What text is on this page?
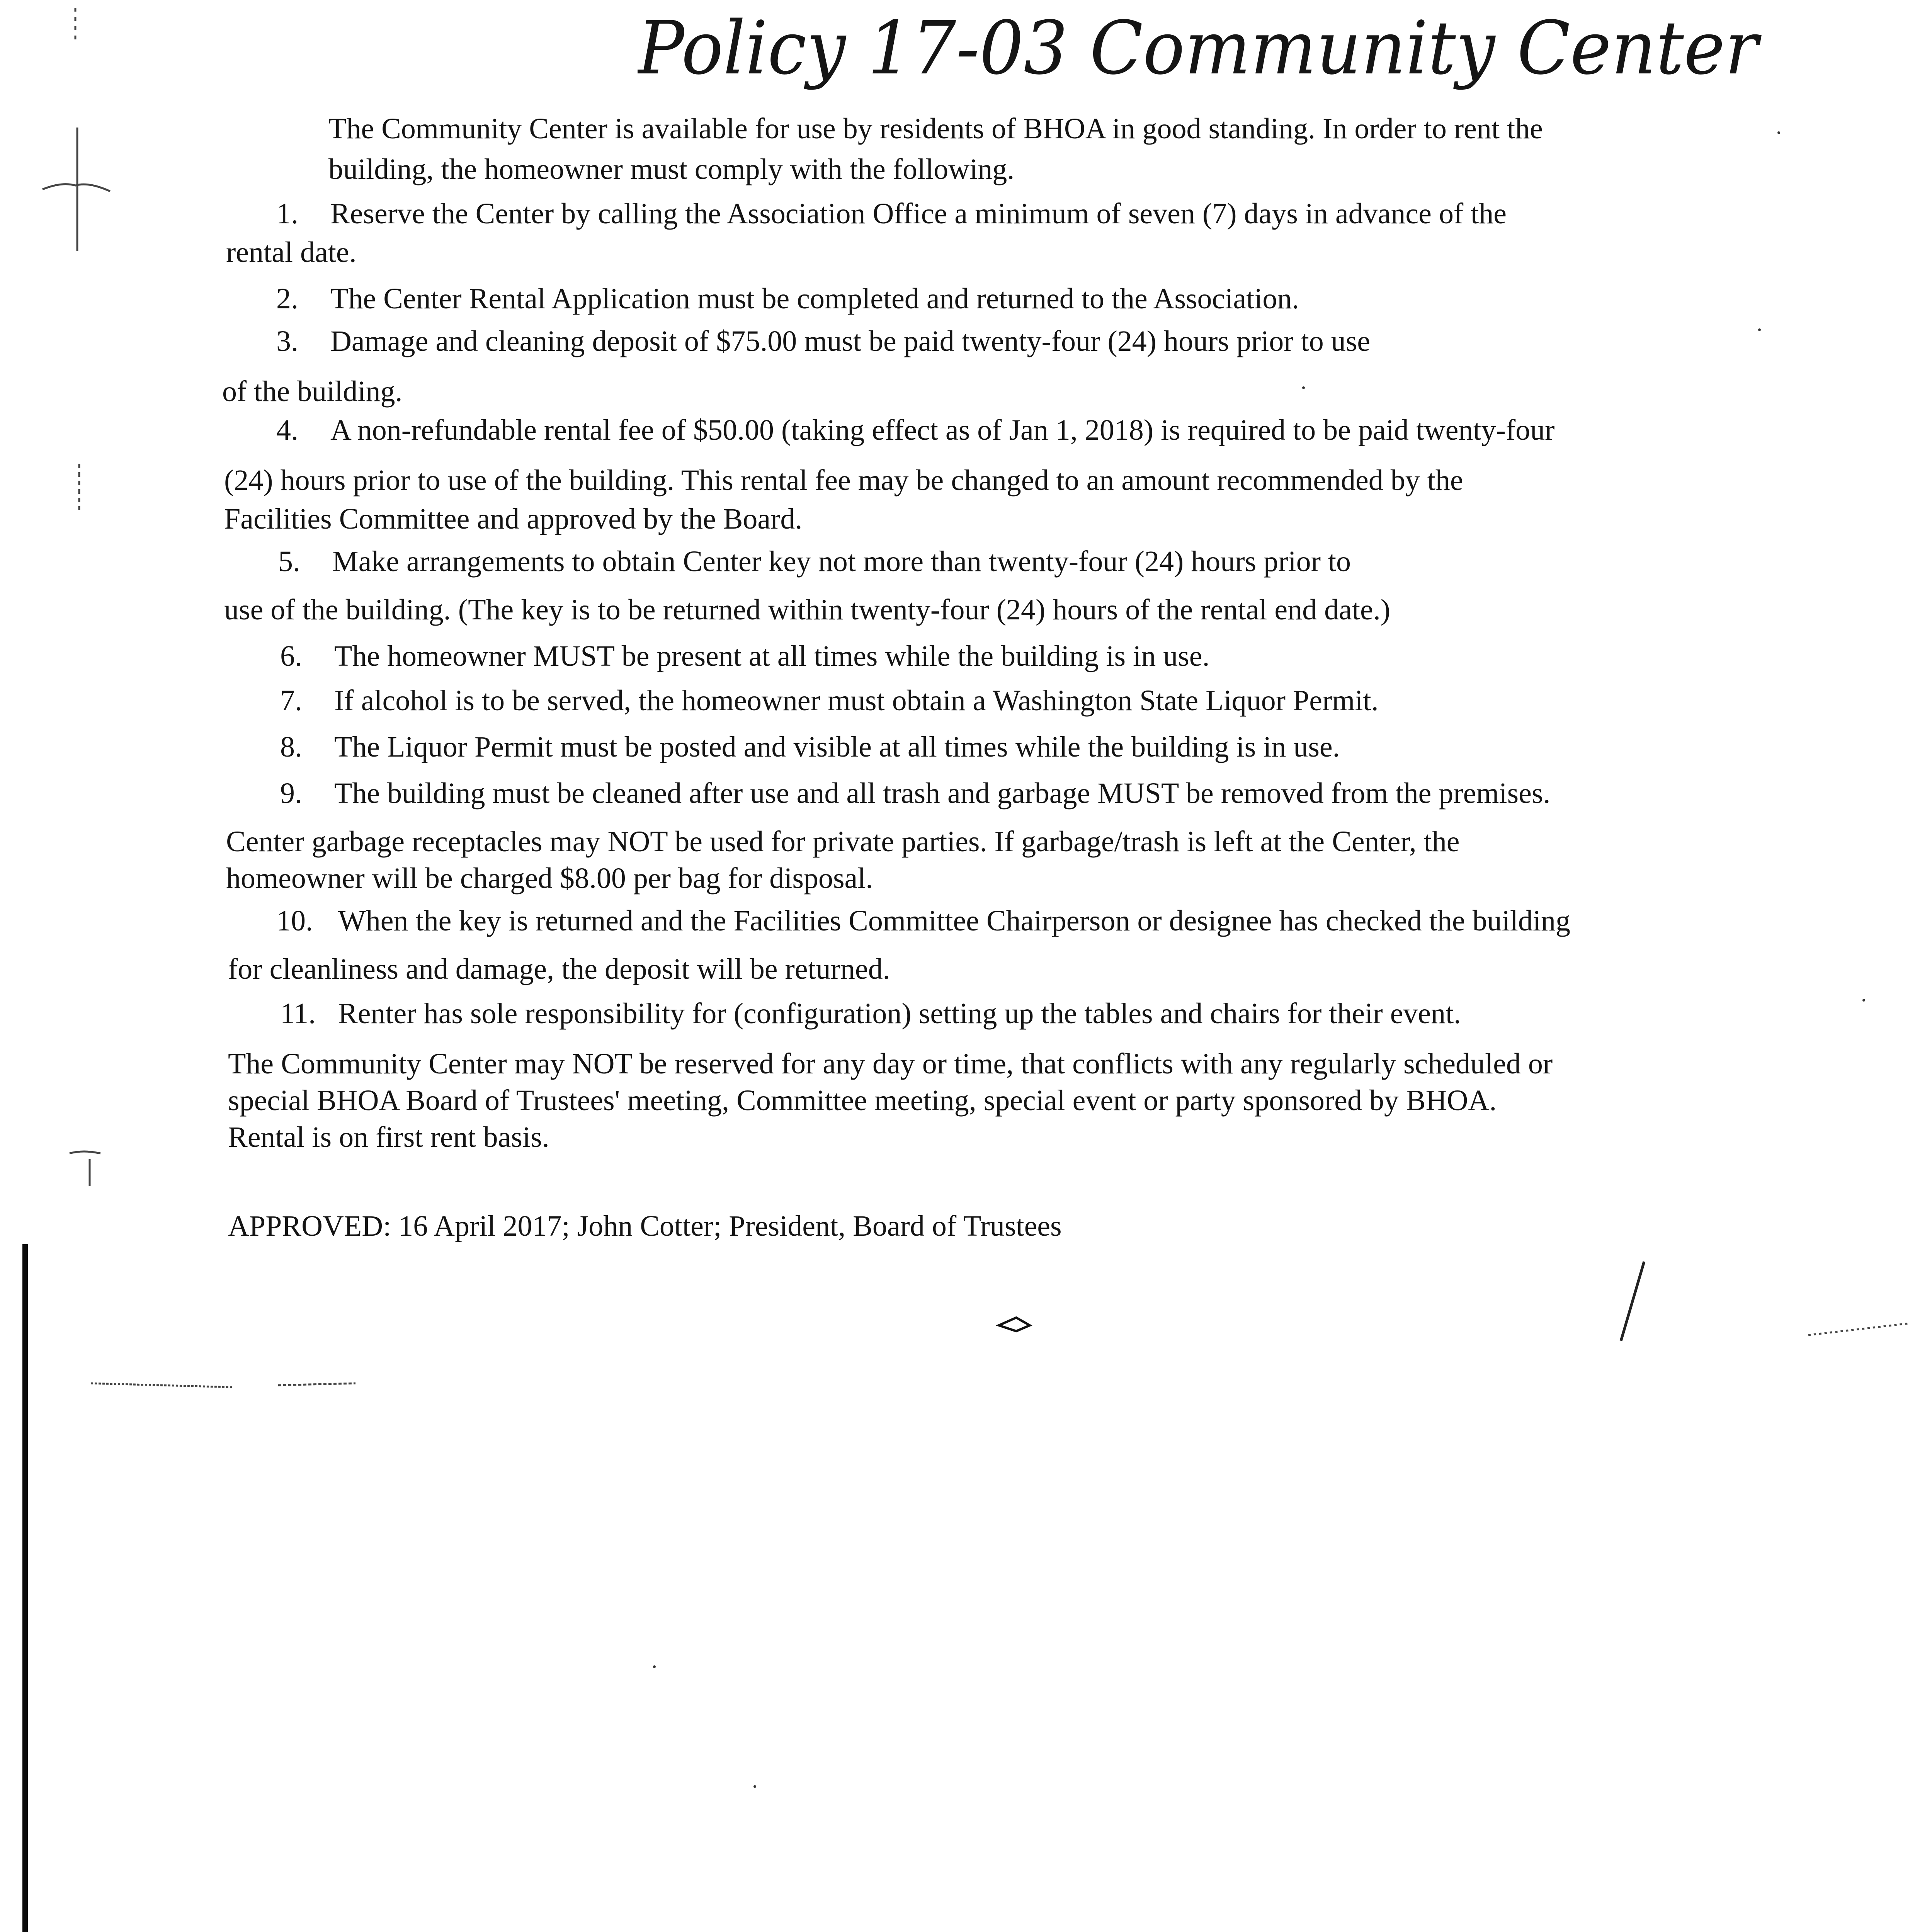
Policy 17-03 Community Center

The Community Center is available for use by residents of BHOA in good standing. In order to rent the

building, the homeowner must comply with the following.

1. Reserve the Center by calling the Association Office a minimum of seven (7) days in advance of the

rental date.

2. The Center Rental Application must be completed and returned to the Association.

3. Damage and cleaning deposit of $75.00 must be paid twenty-four (24) hours prior to use

of the building.

4. A non-refundable rental fee of $50.00 (taking effect as of Jan 1, 2018) is required to be paid twenty-four

(24) hours prior to use of the building. This rental fee may be changed to an amount recommended by the

Facilities Committee and approved by the Board.

5. Make arrangements to obtain Center key not more than twenty-four (24) hours prior to

use of the building. (The key is to be returned within twenty-four (24) hours of the rental end date.)

6. The homeowner MUST be present at all times while the building is in use.

7. If alcohol is to be served, the homeowner must obtain a Washington State Liquor Permit.

8. The Liquor Permit must be posted and visible at all times while the building is in use.

9. The building must be cleaned after use and all trash and garbage MUST be removed from the premises.

Center garbage receptacles may NOT be used for private parties. If garbage/trash is left at the Center, the

homeowner will be charged $8.00 per bag for disposal.

10. When the key is returned and the Facilities Committee Chairperson or designee has checked the building

for cleanliness and damage, the deposit will be returned.

11. Renter has sole responsibility for (configuration) setting up the tables and chairs for their event.

The Community Center may NOT be reserved for any day or time, that conflicts with any regularly scheduled or

special BHOA Board of Trustees' meeting, Committee meeting, special event or party sponsored by BHOA.

Rental is on first rent basis.

APPROVED: 16 April 2017; John Cotter; President, Board of Trustees
